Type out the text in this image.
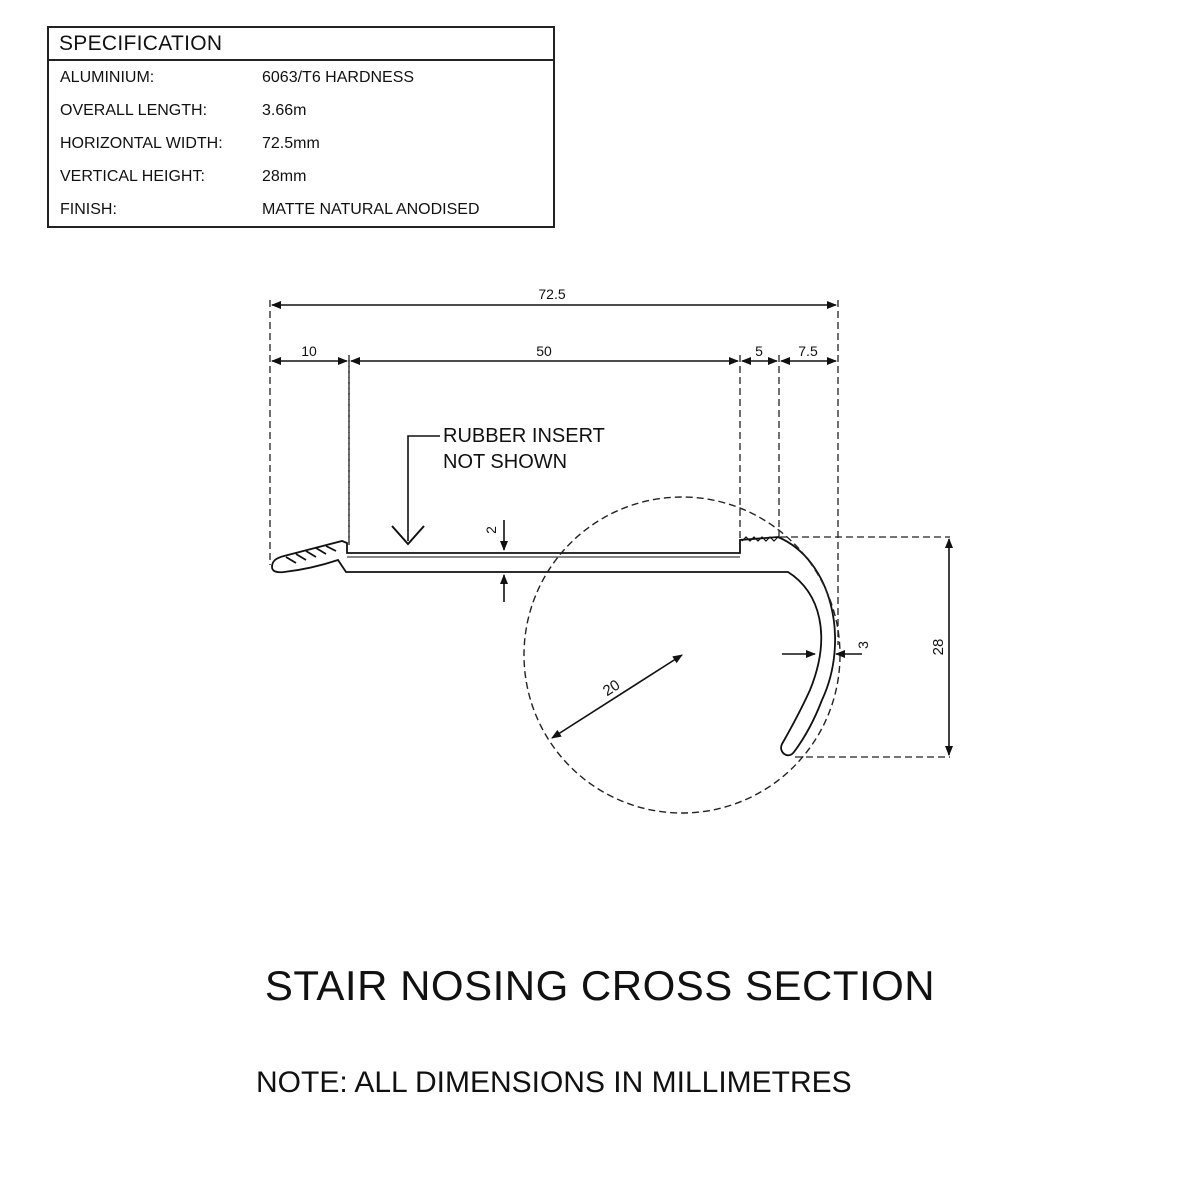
SPECIFICATION	
ALUMINIUM:	6063/T6 HARDNESS
OVERALL LENGTH:	3.66m
HORIZONTAL WIDTH:	72.5mm
VERTICAL HEIGHT:	28mm
FINISH:	MATTE NATURAL ANODISED
72.5
10	50	5	7.5
RUBBER INSERT
NOT SHOWN
2
20
3	28
STAIR NOSING CROSS SECTION
NOTE: ALL DIMENSIONS IN MILLIMETRES
